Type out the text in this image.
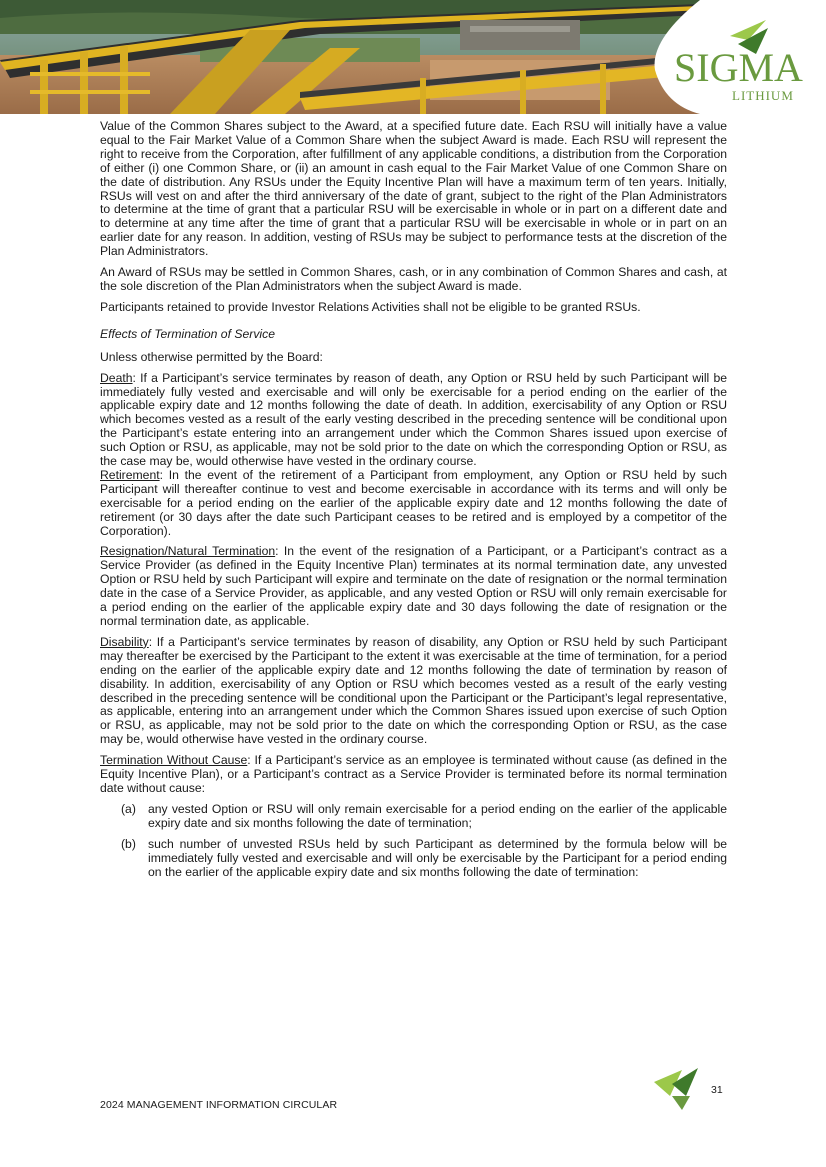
SIGMA
LITHIUM

Value of the Common Shares subject to the Award, at a specified future date. Each RSU will initially have a value equal to the Fair Market Value of a Common Share when the subject Award is made. Each RSU will represent the right to receive from the Corporation, after fulfillment of any applicable conditions, a distribution from the Corporation of either (i) one Common Share, or (ii) an amount in cash equal to the Fair Market Value of one Common Share on the date of distribution. Any RSUs under the Equity Incentive Plan will have a maximum term of ten years. Initially, RSUs will vest on and after the third anniversary of the date of grant, subject to the right of the Plan Administrators to determine at the time of grant that a particular RSU will be exercisable in whole or in part on a different date and to determine at any time after the time of grant that a particular RSU will be exercisable in whole or in part on an earlier date for any reason. In addition, vesting of RSUs may be subject to performance tests at the discretion of the Plan Administrators.

An Award of RSUs may be settled in Common Shares, cash, or in any combination of Common Shares and cash, at the sole discretion of the Plan Administrators when the subject Award is made.

Participants retained to provide Investor Relations Activities shall not be eligible to be granted RSUs.

Effects of Termination of Service

Unless otherwise permitted by the Board:

Death: If a Participant’s service terminates by reason of death, any Option or RSU held by such Participant will be immediately fully vested and exercisable and will only be exercisable for a period ending on the earlier of the applicable expiry date and 12 months following the date of death. In addition, exercisability of any Option or RSU which becomes vested as a result of the early vesting described in the preceding sentence will be conditional upon the Participant’s estate entering into an arrangement under which the Common Shares issued upon exercise of such Option or RSU, as applicable, may not be sold prior to the date on which the corresponding Option or RSU, as the case may be, would otherwise have vested in the ordinary course.

Retirement: In the event of the retirement of a Participant from employment, any Option or RSU held by such Participant will thereafter continue to vest and become exercisable in accordance with its terms and will only be exercisable for a period ending on the earlier of the applicable expiry date and 12 months following the date of retirement (or 30 days after the date such Participant ceases to be retired and is employed by a competitor of the Corporation).

Resignation/Natural Termination: In the event of the resignation of a Participant, or a Participant’s contract as a Service Provider (as defined in the Equity Incentive Plan) terminates at its normal termination date, any unvested Option or RSU held by such Participant will expire and terminate on the date of resignation or the normal termination date in the case of a Service Provider, as applicable, and any vested Option or RSU will only remain exercisable for a period ending on the earlier of the applicable expiry date and 30 days following the date of resignation or the normal termination date, as applicable.

Disability: If a Participant’s service terminates by reason of disability, any Option or RSU held by such Participant may thereafter be exercised by the Participant to the extent it was exercisable at the time of termination, for a period ending on the earlier of the applicable expiry date and 12 months following the date of termination by reason of disability. In addition, exercisability of any Option or RSU which becomes vested as a result of the early vesting described in the preceding sentence will be conditional upon the Participant or the Participant’s legal representative, as applicable, entering into an arrangement under which the Common Shares issued upon exercise of such Option or RSU, as applicable, may not be sold prior to the date on which the corresponding Option or RSU, as the case may be, would otherwise have vested in the ordinary course.

Termination Without Cause: If a Participant’s service as an employee is terminated without cause (as defined in the Equity Incentive Plan), or a Participant’s contract as a Service Provider is terminated before its normal termination date without cause:

(a) any vested Option or RSU will only remain exercisable for a period ending on the earlier of the applicable expiry date and six months following the date of termination;
(b) such number of unvested RSUs held by such Participant as determined by the formula below will be immediately fully vested and exercisable and will only be exercisable by the Participant for a period ending on the earlier of the applicable expiry date and six months following the date of termination:
31
2024 MANAGEMENT INFORMATION CIRCULAR
